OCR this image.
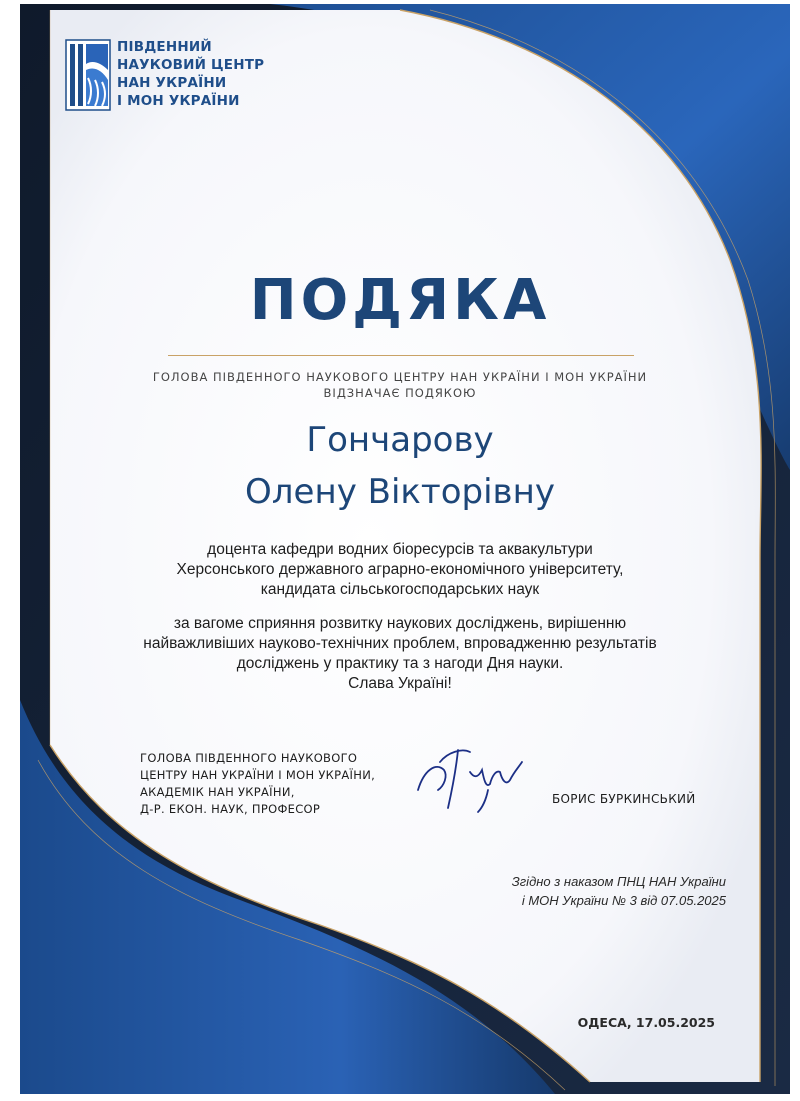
ПІВДЕННИЙ
НАУКОВИЙ ЦЕНТР
НАН УКРАЇНИ
І МОН УКРАЇНИ
ПОДЯКА
ГОЛОВА ПІВДЕННОГО НАУКОВОГО ЦЕНТРУ НАН УКРАЇНИ І МОН УКРАЇНИ
ВІДЗНАЧАЄ ПОДЯКОЮ
Гончарову
Олену Вікторівну
доцента кафедри водних біоресурсів та аквакультури
Херсонського державного аграрно-економічного університету,
кандидата сільськогосподарських наук
за вагоме сприяння розвитку наукових досліджень, вирішенню
найважливіших науково-технічних проблем, впровадженню результатів
досліджень у практику та з нагоди Дня науки.
Слава Україні!
ГОЛОВА ПІВДЕННОГО НАУКОВОГО
ЦЕНТРУ НАН УКРАЇНИ І МОН УКРАЇНИ,
АКАДЕМІК НАН УКРАЇНИ,
Д-Р. ЕКОН. НАУК, ПРОФЕСОР
БОРИС БУРКИНСЬКИЙ
Згідно з наказом ПНЦ НАН України
і МОН України № 3 від 07.05.2025
ОДЕСА, 17.05.2025
